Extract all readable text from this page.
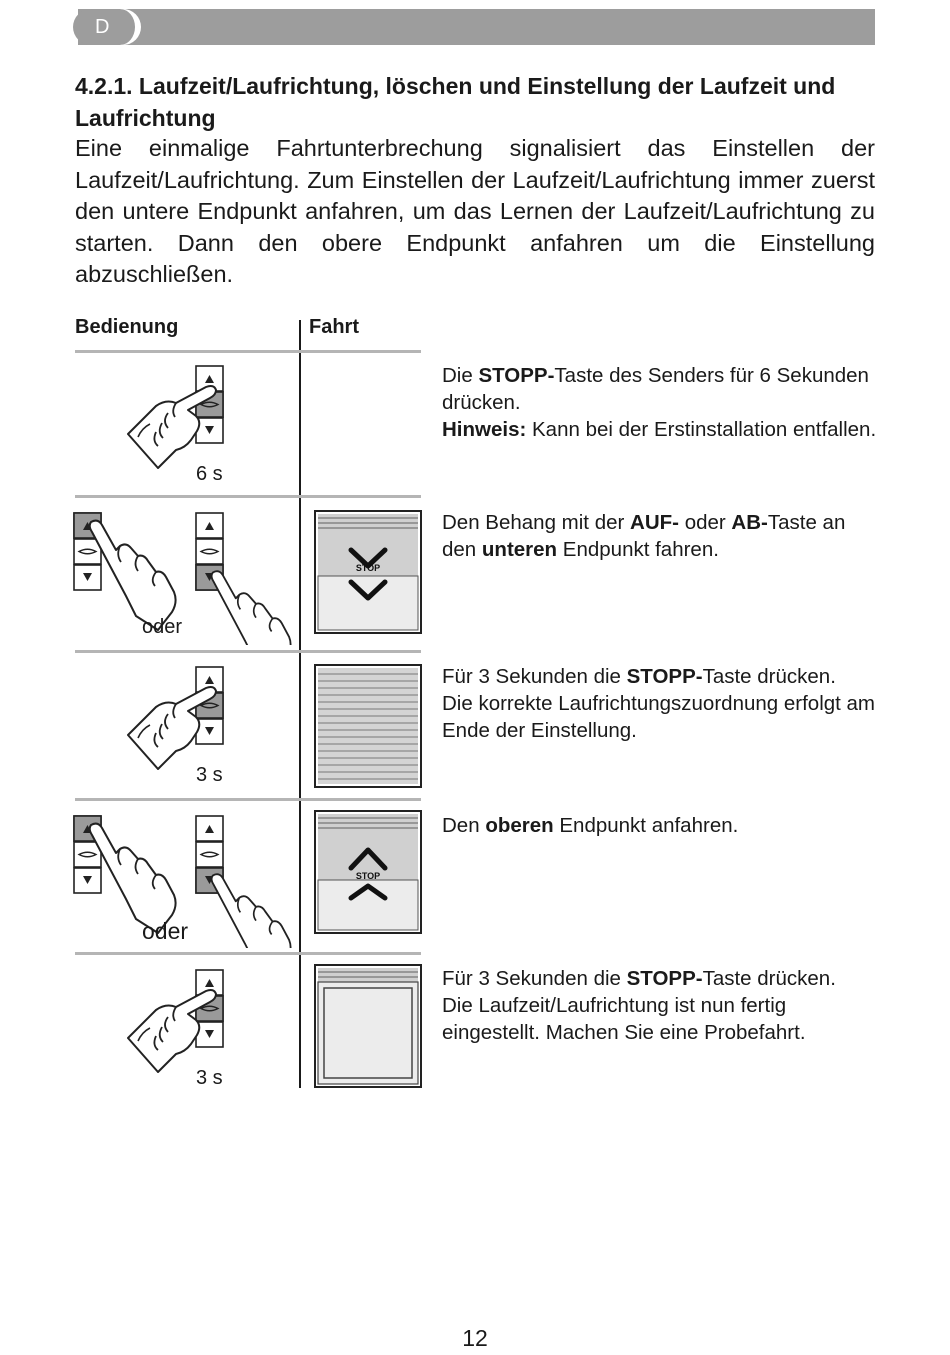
D
4.2.1. Laufzeit/Laufrichtung, löschen und Einstellung der Laufzeit und Laufrichtung

Eine einmalige Fahrtunterbrechung signalisiert das Einstellen der Laufzeit/Laufrichtung. Zum Einstellen der Laufzeit/Laufrichtung immer zuerst den untere Endpunkt anfahren, um das Lernen der Laufzeit/Laufrichtung zu starten. Dann den obere Endpunkt anfahren um die Einstellung abzuschließen.

Bedienung	Fahrt
6 s

Die STOPP-Taste des Senders für 6 Sekunden drücken.

Hinweis: Kann bei der Erstinstallation entfallen.

oder
STOP

Den Behang mit der AUF- oder AB-Taste an den unteren Endpunkt fahren.

3 s

Für 3 Sekunden die STOPP-Taste drücken.

Die korrekte Laufrichtungszuordnung erfolgt am Ende der Einstellung.

oder
STOP

Den oberen Endpunkt anfahren.

3 s

Für 3 Sekunden die STOPP-Taste drücken.

Die Laufzeit/Laufrichtung ist nun fertig eingestellt. Machen Sie eine Probefahrt.

12
